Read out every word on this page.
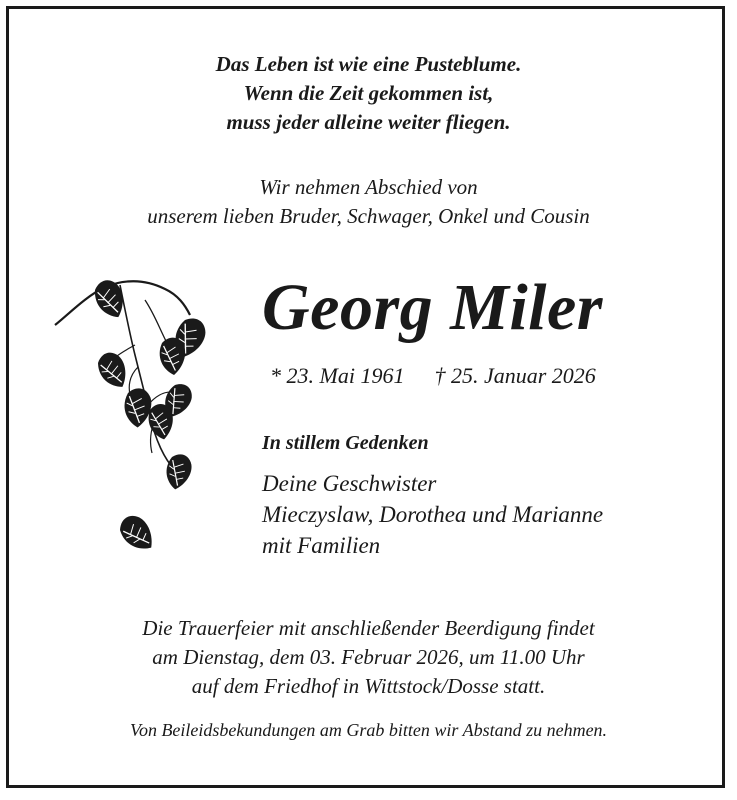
Das Leben ist wie eine Pusteblume.
Wenn die Zeit gekommen ist,
muss jeder alleine weiter fliegen.
Wir nehmen Abschied von
unserem lieben Bruder, Schwager, Onkel und Cousin
Georg Miler
* 23. Mai 1961 † 25. Januar 2026
In stillem Gedenken
Deine Geschwister
Mieczyslaw, Dorothea und Marianne
mit Familien
Die Trauerfeier mit anschließender Beerdigung findet
am Dienstag, dem 03. Februar 2026, um 11.00 Uhr
auf dem Friedhof in Wittstock/Dosse statt.
Von Beileidsbekundungen am Grab bitten wir Abstand zu nehmen.
